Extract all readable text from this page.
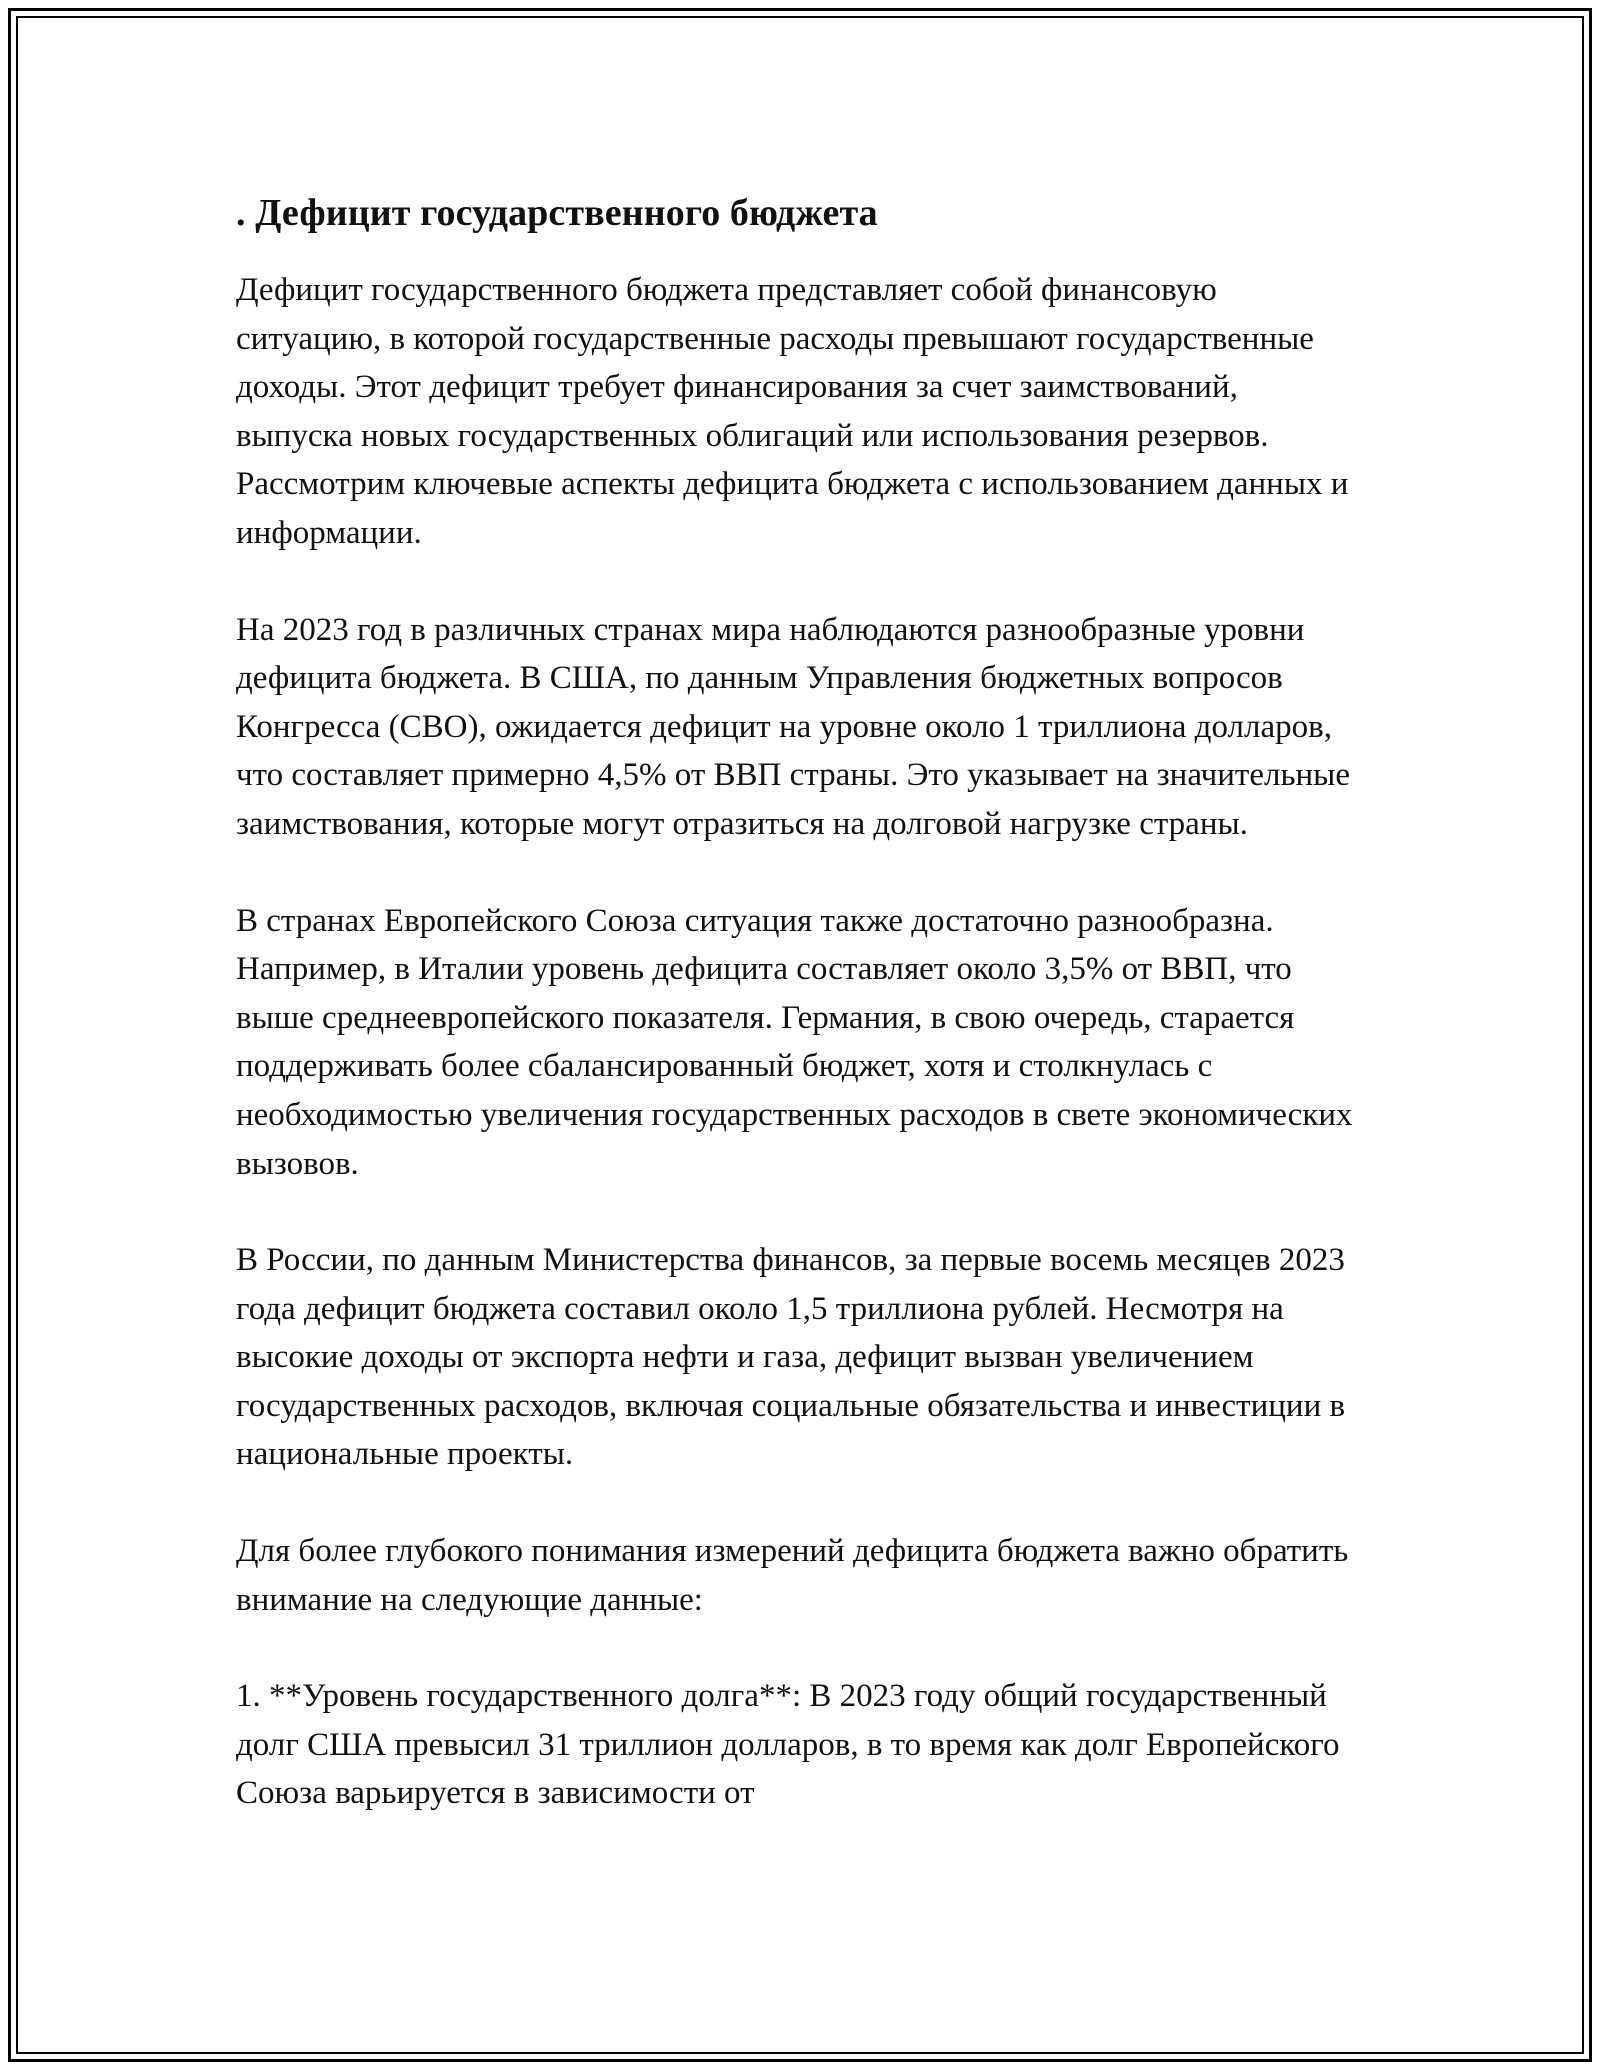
. Дефицит государственного бюджета

Дефицит государственного бюджета представляет собой финансовую ситуацию, в которой государственные расходы превышают государственные доходы. Этот дефицит требует финансирования за счет заимствований, выпуска новых государственных облигаций или использования резервов. Рассмотрим ключевые аспекты дефицита бюджета с использованием данных и информации.

На 2023 год в различных странах мира наблюдаются разнообразные уровни дефицита бюджета. В США, по данным Управления бюджетных вопросов Конгресса (CBO), ожидается дефицит на уровне около 1 триллиона долларов, что составляет примерно 4,5% от ВВП страны. Это указывает на значительные заимствования, которые могут отразиться на долговой нагрузке страны.

В странах Европейского Союза ситуация также достаточно разнообразна. Например, в Италии уровень дефицита составляет около 3,5% от ВВП, что выше среднеевропейского показателя. Германия, в свою очередь, старается поддерживать более сбалансированный бюджет, хотя и столкнулась с необходимостью увеличения государственных расходов в свете экономических вызовов.

В России, по данным Министерства финансов, за первые восемь месяцев 2023 года дефицит бюджета составил около 1,5 триллиона рублей. Несмотря на высокие доходы от экспорта нефти и газа, дефицит вызван увеличением государственных расходов, включая социальные обязательства и инвестиции в национальные проекты.

Для более глубокого понимания измерений дефицита бюджета важно обратить внимание на следующие данные:

1. **Уровень государственного долга**: В 2023 году общий государственный долг США превысил 31 триллион долларов, в то время как долг Европейского Союза варьируется в зависимости от
